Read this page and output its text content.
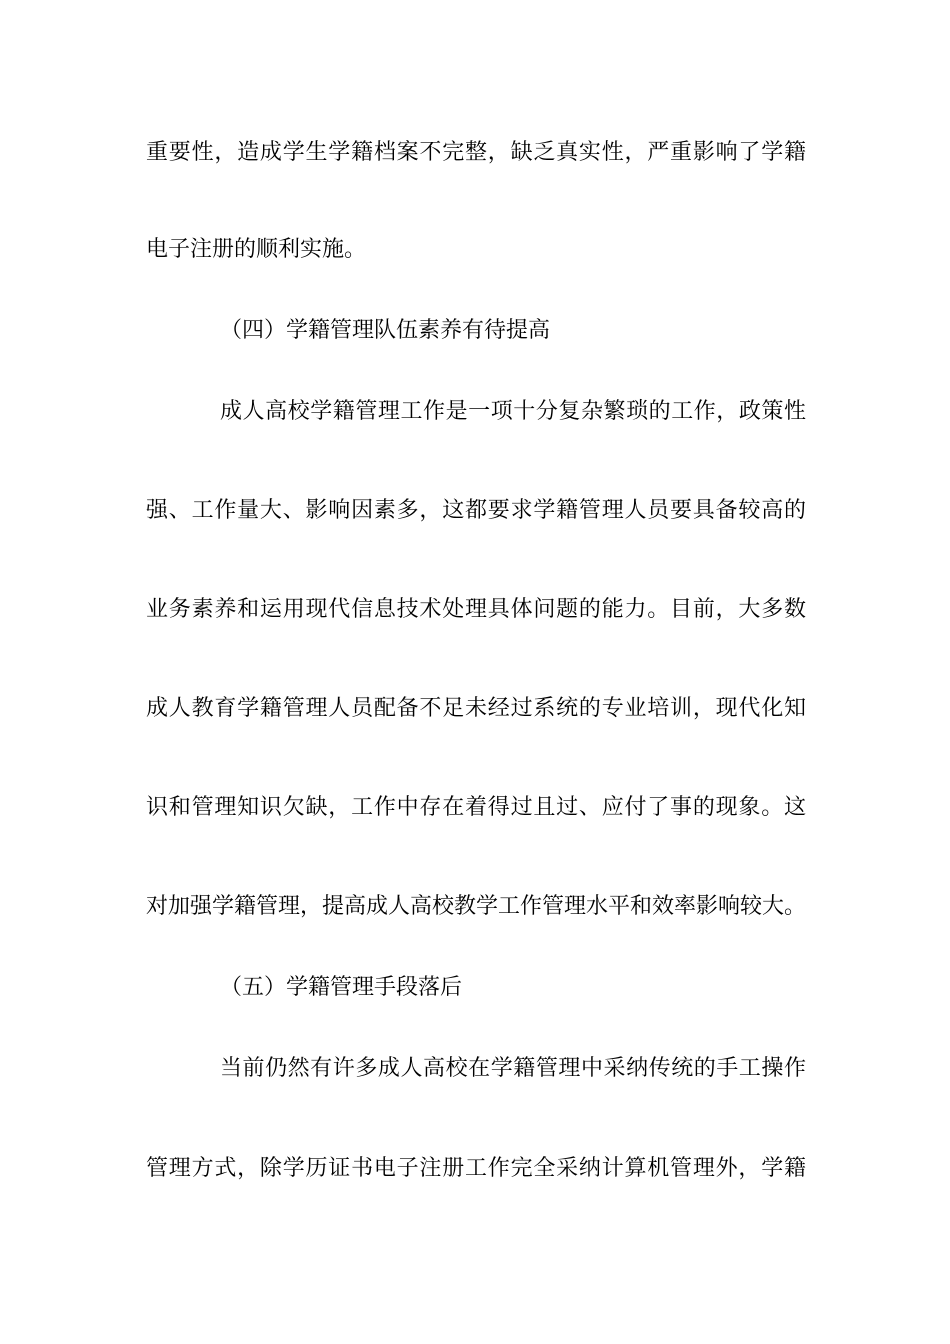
重要性，造成学生学籍档案不完整，缺乏真实性，严重影响了学籍
电子注册的顺利实施。
（四）学籍管理队伍素养有待提高
成人高校学籍管理工作是一项十分复杂繁琐的工作，政策性
强、工作量大、影响因素多，这都要求学籍管理人员要具备较高的
业务素养和运用现代信息技术处理具体问题的能力。目前，大多数
成人教育学籍管理人员配备不足未经过系统的专业培训，现代化知
识和管理知识欠缺，工作中存在着得过且过、应付了事的现象。这
对加强学籍管理，提高成人高校教学工作管理水平和效率影响较大。
（五）学籍管理手段落后
当前仍然有许多成人高校在学籍管理中采纳传统的手工操作
管理方式，除学历证书电子注册工作完全采纳计算机管理外，学籍
